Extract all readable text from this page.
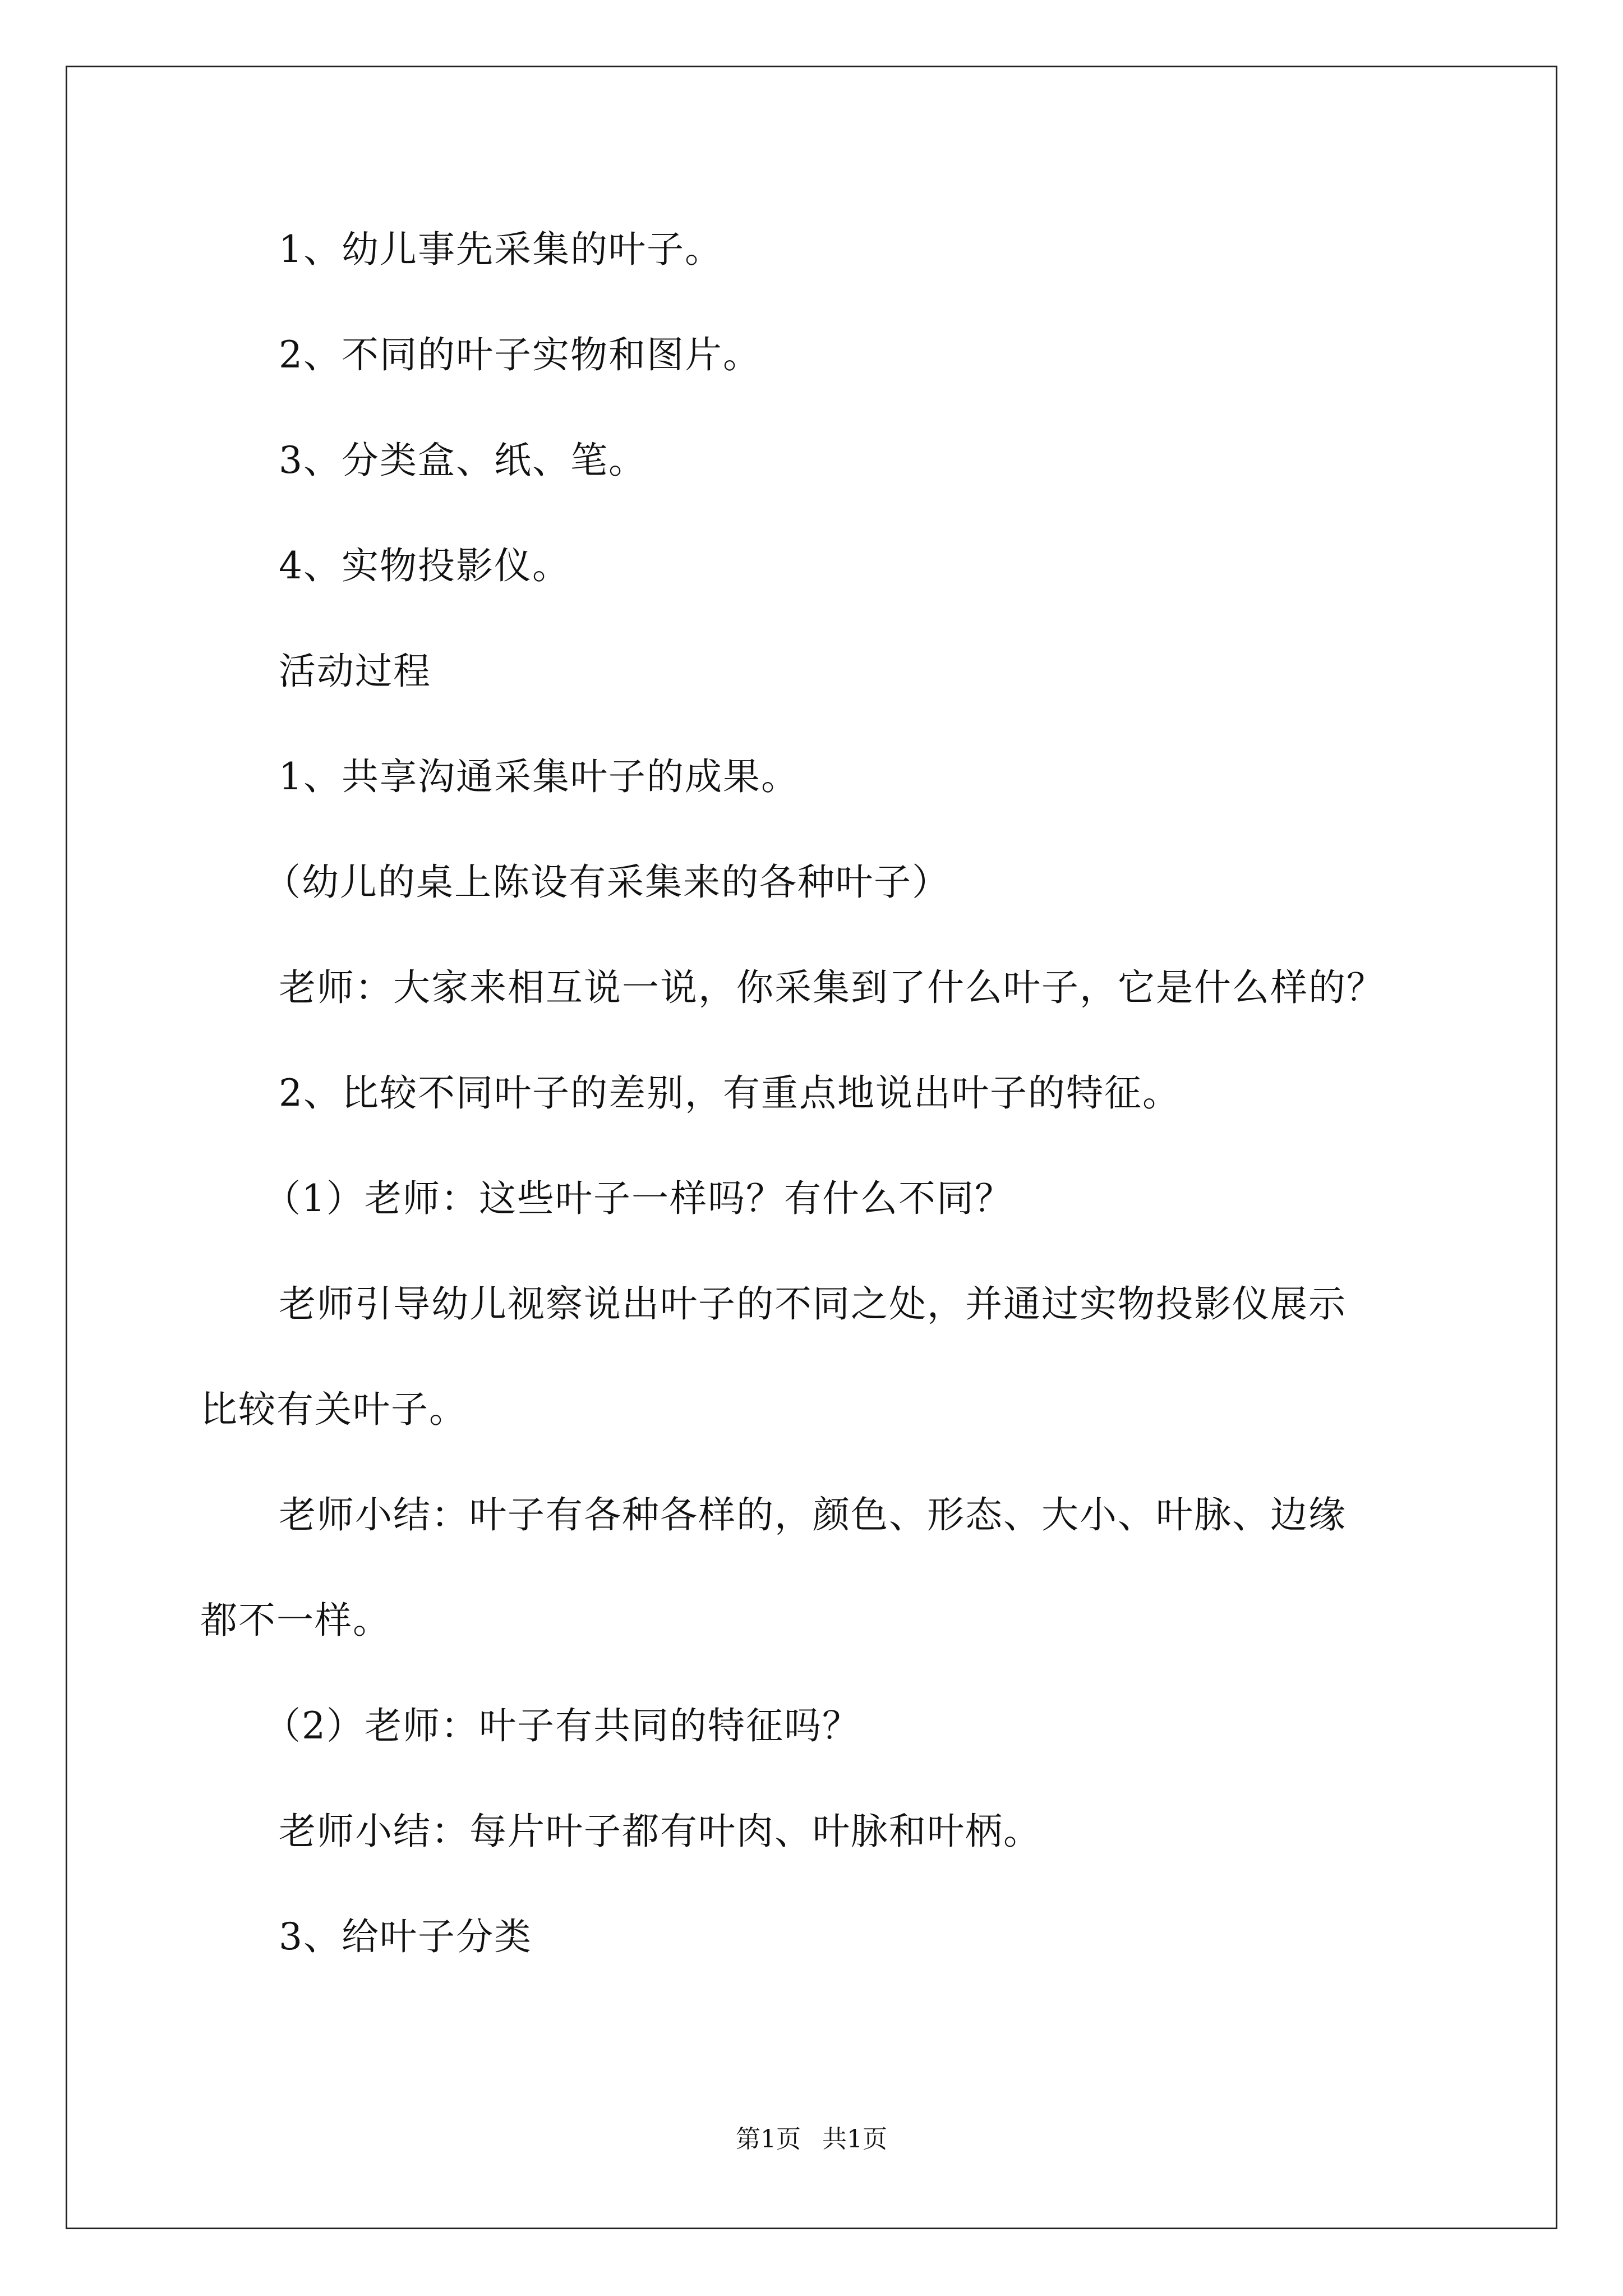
1、幼儿事先采集的叶子。
2、不同的叶子实物和图片。
3、分类盒、纸、笔。
4、实物投影仪。
活动过程
1、共享沟通采集叶子的成果。
（幼儿的桌上陈设有采集来的各种叶子）
老师：大家来相互说一说，你采集到了什么叶子，它是什么样的？
2、比较不同叶子的差别，有重点地说出叶子的特征。
（1）老师：这些叶子一样吗？有什么不同？
老师引导幼儿视察说出叶子的不同之处，并通过实物投影仪展示
比较有关叶子。
老师小结：叶子有各种各样的，颜色、形态、大小、叶脉、边缘
都不一样。
（2）老师：叶子有共同的特征吗？
老师小结：每片叶子都有叶肉、叶脉和叶柄。
3、给叶子分类
第1页 共1页
